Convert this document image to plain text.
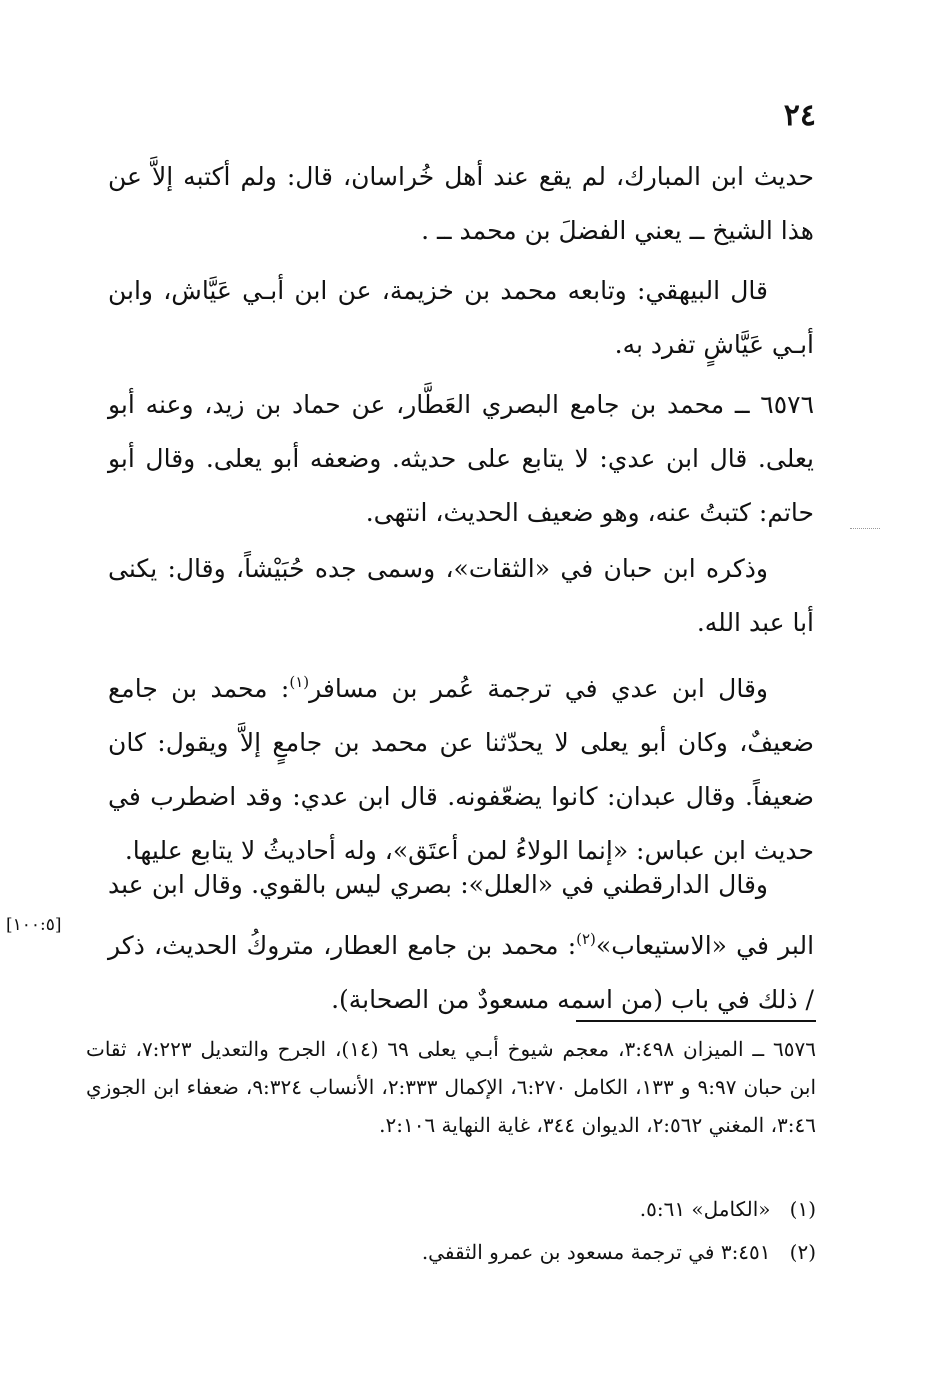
٢٤
حديث ابن المبارك، لم يقع عند أهل خُراسان، قال: ولم أكتبه إلاَّ عن هذا الشيخ ــ يعني الفضلَ بن محمد ــ .
قال البيهقي: وتابعه محمد بن خزيمة، عن ابن أبـي عَيَّاش، وابن أبـي عَيَّاشٍ تفرد به.
٦٥٧٦ ــ محمد بن جامع البصري العَطَّار، عن حماد بن زيد، وعنه أبو يعلى. قال ابن عدي: لا يتابع على حديثه. وضعفه أبو يعلى. وقال أبو حاتم: كتبتُ عنه، وهو ضعيف الحديث، انتهى.
وذكره ابن حبان في «الثقات»، وسمى جده حُبَيْشاً، وقال: يكنى أبا عبد الله.
وقال ابن عدي في ترجمة عُمر بن مسافر$^{(١)}$: محمد بن جامع ضعيفٌ، وكان أبو يعلى لا يحدّثنا عن محمد بن جامعٍ إلاَّ ويقول: كان ضعيفاً. وقال عبدان: كانوا يضعّفونه. قال ابن عدي: وقد اضطرب في حديث ابن عباس: «إنما الولاءُ لمن أعتَق»، وله أحاديثُ لا يتابع عليها.
وقال الدارقطني في «العلل»: بصري ليس بالقوي. وقال ابن عبد البر في «الاستيعاب»$^{(٢)}$: محمد بن جامع العطار، متروكُ الحديث، ذكر / ذلك في باب (من اسمه مسعودٌ من الصحابة).
[١٠٠:٥]
٦٥٧٦ ــ الميزان ٣:٤٩٨، معجم شيوخ أبـي يعلى ٦٩ (١٤)، الجرح والتعديل ٧:٢٢٣، ثقات ابن حبان ٩:٩٧ و ١٣٣، الكامل ٦:٢٧٠، الإكمال ٢:٣٣٣، الأنساب ٩:٣٢٤، ضعفاء ابن الجوزي ٣:٤٦، المغني ٢:٥٦٢، الديوان ٣٤٤، غاية النهاية ٢:١٠٦.
(١)   «الكامل» ٥:٦١.
(٢)   ٣:٤٥١ في ترجمة مسعود بن عمرو الثقفي.
